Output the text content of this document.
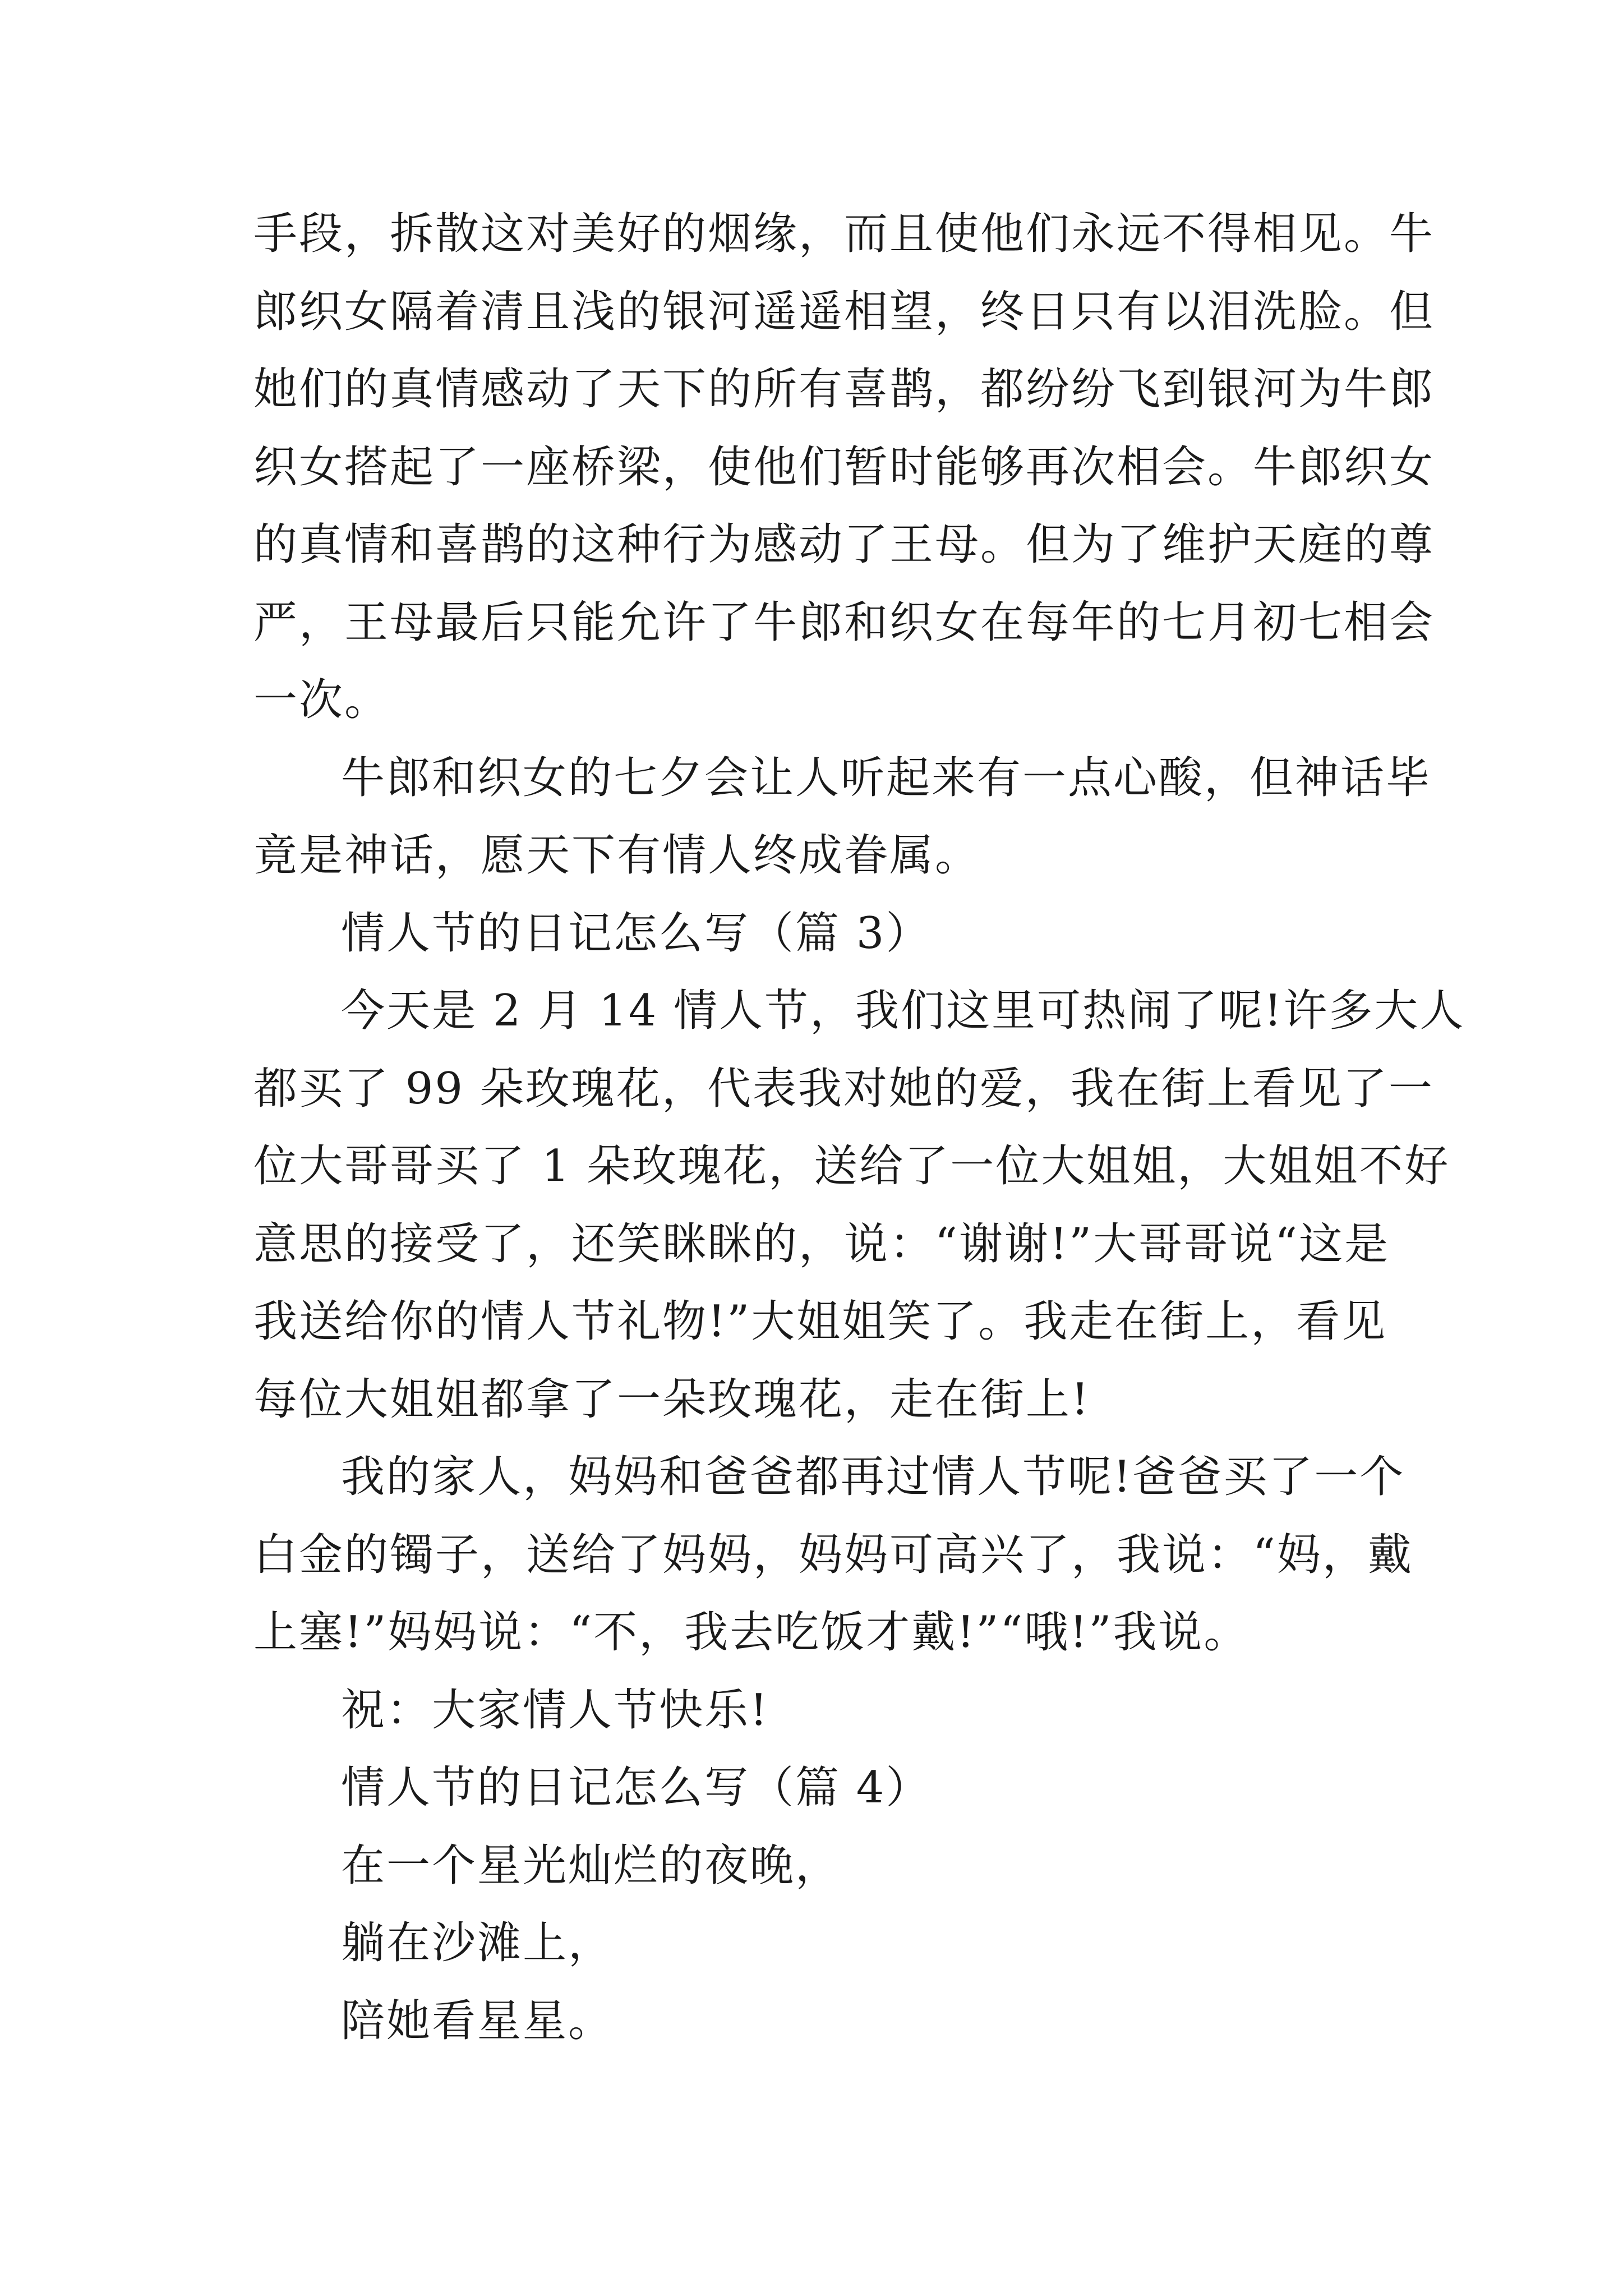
手段，拆散这对美好的烟缘，而且使他们永远不得相见。牛
郎织女隔着清且浅的银河遥遥相望，终日只有以泪洗脸。但
她们的真情感动了天下的所有喜鹊，都纷纷飞到银河为牛郎
织女搭起了一座桥梁，使他们暂时能够再次相会。牛郎织女
的真情和喜鹊的这种行为感动了王母。但为了维护天庭的尊
严，王母最后只能允许了牛郎和织女在每年的七月初七相会
一次。
牛郎和织女的七夕会让人听起来有一点心酸，但神话毕
竟是神话，愿天下有情人终成眷属。
情人节的日记怎么写（篇 3）
今天是 2 月 14 情人节，我们这里可热闹了呢!许多大人
都买了 99 朵玫瑰花，代表我对她的爱，我在街上看见了一
位大哥哥买了 1 朵玫瑰花，送给了一位大姐姐，大姐姐不好
意思的接受了，还笑眯眯的，说：“谢谢!”大哥哥说“这是
我送给你的情人节礼物!”大姐姐笑了。我走在街上，看见
每位大姐姐都拿了一朵玫瑰花，走在街上!
我的家人，妈妈和爸爸都再过情人节呢!爸爸买了一个
白金的镯子，送给了妈妈，妈妈可高兴了，我说：“妈，戴
上塞!”妈妈说：“不，我去吃饭才戴!”“哦!”我说。
祝：大家情人节快乐!
情人节的日记怎么写（篇 4）
在一个星光灿烂的夜晚，
躺在沙滩上，
陪她看星星。
